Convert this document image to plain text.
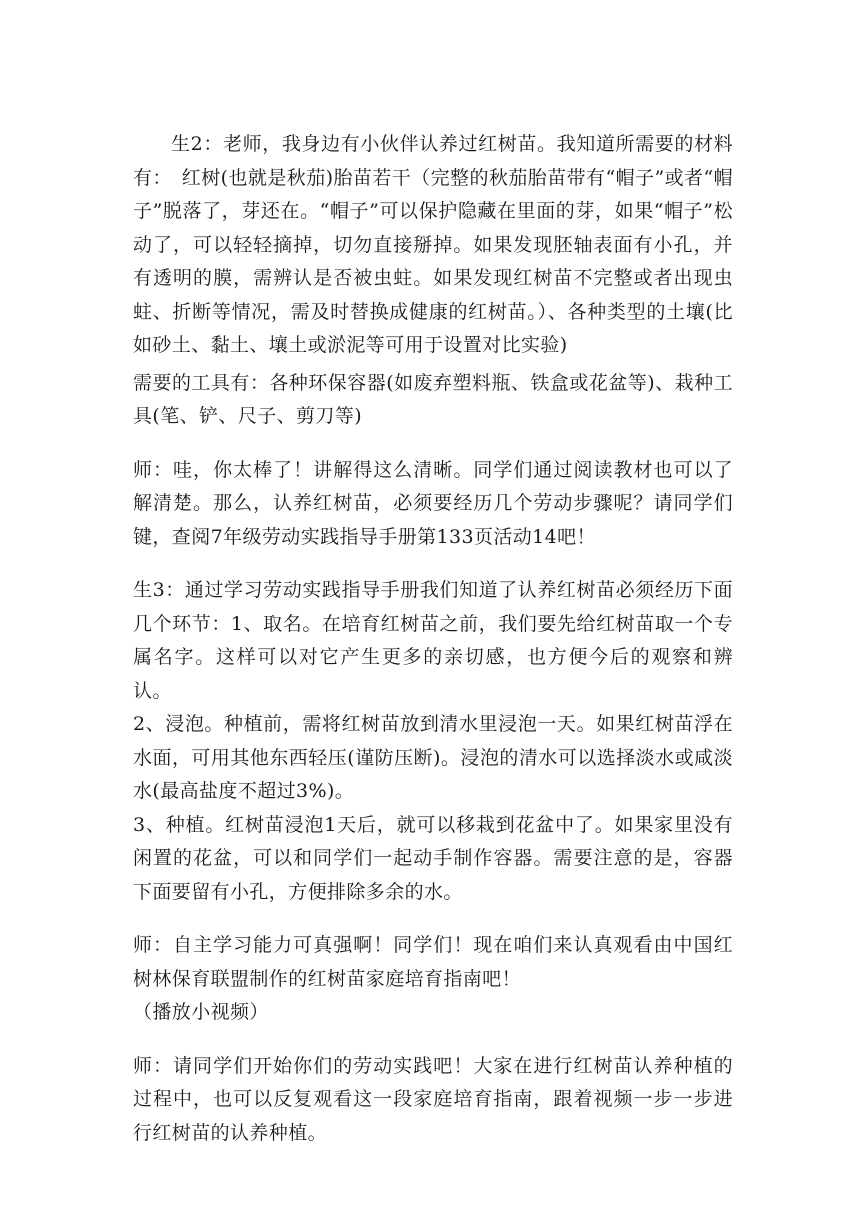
生2：老师，我身边有小伙伴认养过红树苗。我知道所需要的材料有：　红树(也就是秋茄)胎苗若干（完整的秋茄胎苗带有“帽子”或者“帽子”脱落了，芽还在。“帽子”可以保护隐藏在里面的芽，如果“帽子”松动了，可以轻轻摘掉，切勿直接掰掉。如果发现胚轴表面有小孔，并有透明的膜，需辨认是否被虫蛀。如果发现红树苗不完整或者出现虫蛀、折断等情况，需及时替换成健康的红树苗。）、各种类型的土壤(比如砂土、黏土、壤土或淤泥等可用于设置对比实验)

需要的工具有：各种环保容器(如废弃塑料瓶、铁盒或花盆等)、栽种工具(笔、铲、尺子、剪刀等)

师：哇，你太棒了！讲解得这么清晰。同学们通过阅读教材也可以了解清楚。那么，认养红树苗，必须要经历几个劳动步骤呢？请同学们键，查阅7年级劳动实践指导手册第133页活动14吧！

生3：通过学习劳动实践指导手册我们知道了认养红树苗必须经历下面几个环节：1、取名。在培育红树苗之前，我们要先给红树苗取一个专属名字。这样可以对它产生更多的亲切感，也方便今后的观察和辨认。

2、浸泡。种植前，需将红树苗放到清水里浸泡一天。如果红树苗浮在水面，可用其他东西轻压(谨防压断)。浸泡的清水可以选择淡水或咸淡水(最高盐度不超过3%)。

3、种植。红树苗浸泡1天后，就可以移栽到花盆中了。如果家里没有闲置的花盆，可以和同学们一起动手制作容器。需要注意的是，容器下面要留有小孔，方便排除多余的水。

师：自主学习能力可真强啊！同学们！现在咱们来认真观看由中国红树林保育联盟制作的红树苗家庭培育指南吧！

（播放小视频）

师：请同学们开始你们的劳动实践吧！大家在进行红树苗认养种植的过程中，也可以反复观看这一段家庭培育指南，跟着视频一步一步进行红树苗的认养种植。
